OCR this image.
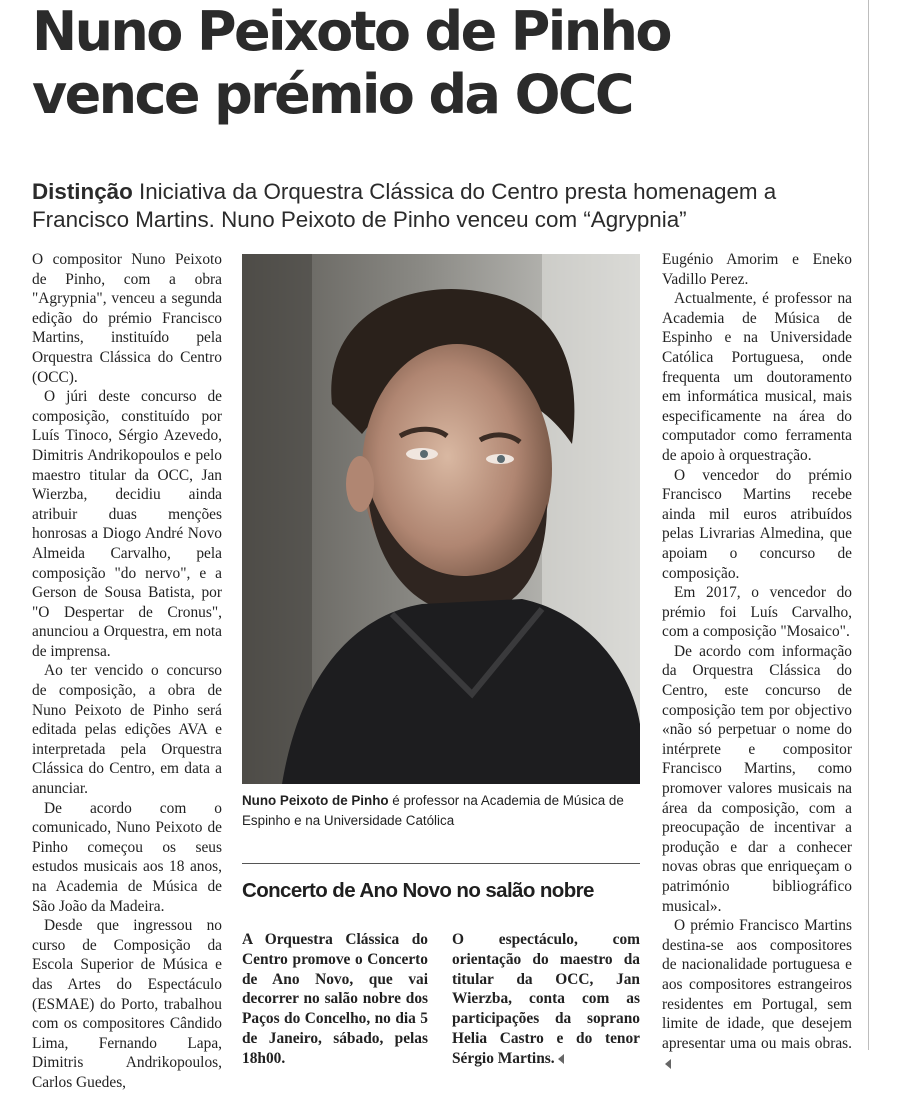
Nuno Peixoto de Pinho
vence prémio da OCC

Distinção Iniciativa da Orquestra Clássica do Centro presta homenagem a Francisco Martins. Nuno Peixoto de Pinho venceu com “Agrypnia”

O compositor Nuno Peixoto de Pinho, com a obra "Agrypnia", venceu a segunda edição do prémio Francisco Martins, instituído pela Orquestra Clássica do Centro (OCC).

O júri deste concurso de composição, constituído por Luís Tinoco, Sérgio Azevedo, Dimitris Andrikopoulos e pelo maestro titular da OCC, Jan Wierzba, decidiu ainda atribuir duas menções honrosas a Diogo André Novo Almeida Carvalho, pela composição "do nervo", e a Gerson de Sousa Batista, por "O Despertar de Cronus", anunciou a Orquestra, em nota de imprensa.

Ao ter vencido o concurso de composição, a obra de Nuno Peixoto de Pinho será editada pelas edições AVA e interpretada pela Orquestra Clássica do Centro, em data a anunciar.

De acordo com o comunicado, Nuno Peixoto de Pinho começou os seus estudos musicais aos 18 anos, na Academia de Música de São João da Madeira.

Desde que ingressou no curso de Composição da Escola Superior de Música e das Artes do Espectáculo (ESMAE) do Porto, trabalhou com os compositores Cândido Lima, Fernando Lapa, Dimitris Andrikopoulos, Carlos Guedes,

Nuno Peixoto de Pinho é professor na Academia de Música de Espinho e na Universidade Católica

Concerto de Ano Novo no salão nobre

A Orquestra Clássica do Centro promove o Concerto de Ano Novo, que vai decorrer no salão nobre dos Paços do Concelho, no dia 5 de Janeiro, sábado, pelas 18h00.

O espectáculo, com orientação do maestro da titular da OCC, Jan Wierzba, conta com as participações da soprano Helia Castro e do tenor Sérgio Martins.

Eugénio Amorim e Eneko Vadillo Perez.

Actualmente, é professor na Academia de Música de Espinho e na Universidade Católica Portuguesa, onde frequenta um doutoramento em informática musical, mais especificamente na área do computador como ferramenta de apoio à orquestração.

O vencedor do prémio Francisco Martins recebe ainda mil euros atribuídos pelas Livrarias Almedina, que apoiam o concurso de composição.

Em 2017, o vencedor do prémio foi Luís Carvalho, com a composição "Mosaico".

De acordo com informação da Orquestra Clássica do Centro, este concurso de composição tem por objectivo «não só perpetuar o nome do intérprete e compositor Francisco Martins, como promover valores musicais na área da composição, com a preocupação de incentivar a produção e dar a conhecer novas obras que enriqueçam o património bibliográfico musical».

O prémio Francisco Martins destina-se aos compositores de nacionalidade portuguesa e aos compositores estrangeiros residentes em Portugal, sem limite de idade, que desejem apresentar uma ou mais obras.
